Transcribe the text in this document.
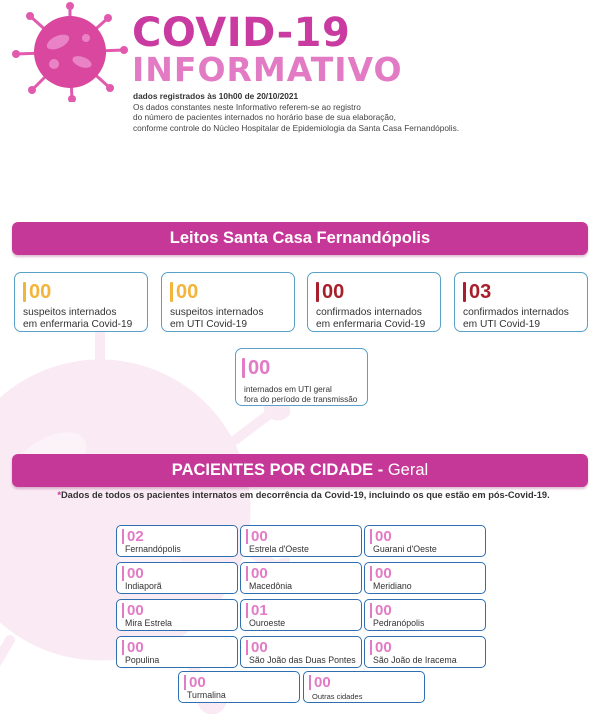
COVID-19
INFORMATIVO
dados registrados às 10h00 de 20/10/2021
Os dados constantes neste Informativo referem-se ao registro
do número de pacientes internados no horário base de sua elaboração,
conforme controle do Núcleo Hospitalar de Epidemiologia da Santa Casa Fernandópolis.
Leitos Santa Casa Fernandópolis
00
suspeitos internados
em enfermaria Covid-19
00
suspeitos internados
em UTI Covid-19
00
confirmados internados
em enfermaria Covid-19
03
confirmados internados
em UTI Covid-19
00
internados em UTI geral
fora do período de transmissão
PACIENTES POR CIDADE - Geral
*Dados de todos os pacientes internatos em decorrência da Covid-19, incluindo os que estão em pós-Covid-19.
02
Fernandópolis
00
Estrela d'Oeste
00
Guarani d'Oeste
00
Indiaporã
00
Macedônia
00
Meridiano
00
Mira Estrela
01
Ouroeste
00
Pedranópolis
00
Populina
00
São João das Duas Pontes
00
São João de Iracema
00
Turmalina
00
Outras cidades
